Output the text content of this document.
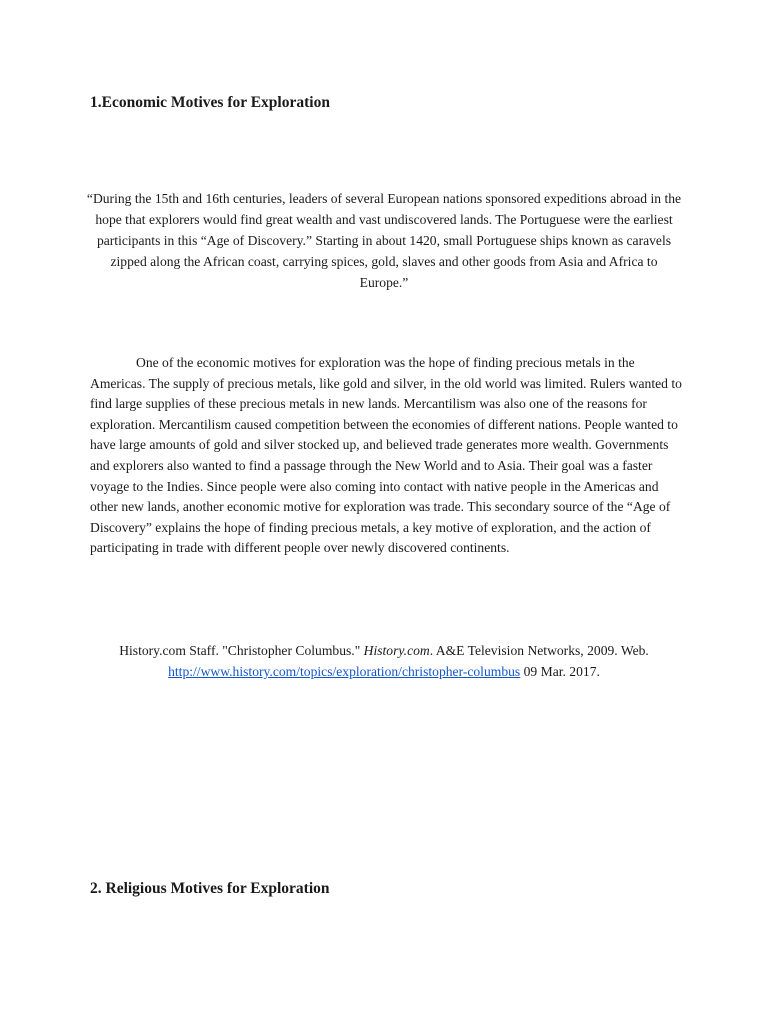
1.Economic Motives for Exploration

“During the 15th and 16th centuries, leaders of several European nations sponsored expeditions abroad in the hope that explorers would find great wealth and vast undiscovered lands. The Portuguese were the earliest participants in this “Age of Discovery.” Starting in about 1420, small Portuguese ships known as caravels zipped along the African coast, carrying spices, gold, slaves and other goods from Asia and Africa to Europe.”

One of the economic motives for exploration was the hope of finding precious metals in the Americas. The supply of precious metals, like gold and silver, in the old world was limited. Rulers wanted to find large supplies of these precious metals in new lands. Mercantilism was also one of the reasons for exploration. Mercantilism caused competition between the economies of different nations. People wanted to have large amounts of gold and silver stocked up, and believed trade generates more wealth. Governments and explorers also wanted to find a passage through the New World and to Asia. Their goal was a faster voyage to the Indies. Since people were also coming into contact with native people in the Americas and other new lands, another economic motive for exploration was trade. This secondary source of the “Age of Discovery” explains the hope of finding precious metals, a key motive of exploration, and the action of participating in trade with different people over newly discovered continents.

History.com Staff. "Christopher Columbus." History.com. A&E Television Networks, 2009. Web.
http://www.history.com/topics/exploration/christopher-columbus 09 Mar. 2017.

2. Religious Motives for Exploration
